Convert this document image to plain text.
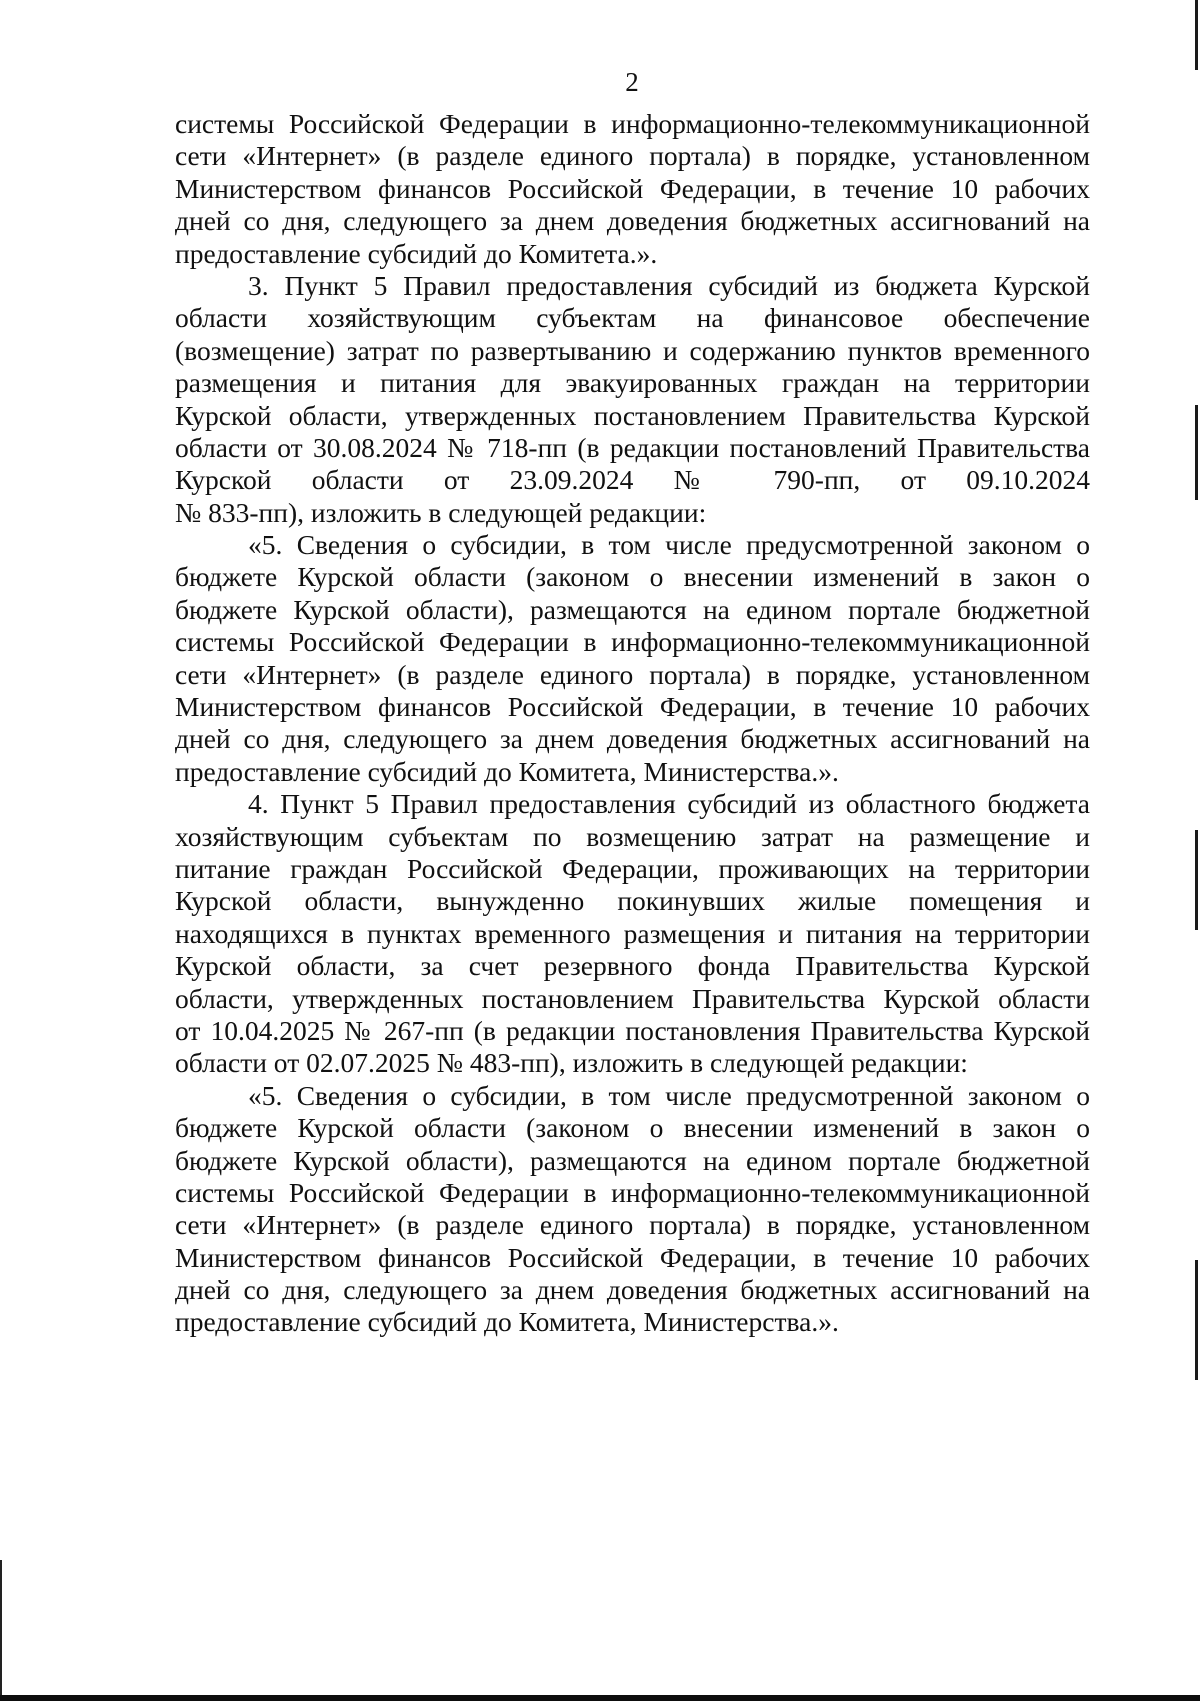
2
системы Российской Федерации в информационно-телекоммуникационной
сети «Интернет» (в разделе единого портала) в порядке, установленном
Министерством финансов Российской Федерации, в течение 10 рабочих
дней со дня, следующего за днем доведения бюджетных ассигнований на
предоставление субсидий до Комитета.».
3. Пункт 5 Правил предоставления субсидий из бюджета Курской
области хозяйствующим субъектам на финансовое обеспечение
(возмещение) затрат по развертыванию и содержанию пунктов временного
размещения и питания для эвакуированных граждан на территории
Курской области, утвержденных постановлением Правительства Курской
области от 30.08.2024 № 718-пп (в редакции постановлений Правительства
Курской области от 23.09.2024 № 790-пп, от 09.10.2024
№ 833-пп), изложить в следующей редакции:
«5. Сведения о субсидии, в том числе предусмотренной законом о
бюджете Курской области (законом о внесении изменений в закон о
бюджете Курской области), размещаются на едином портале бюджетной
системы Российской Федерации в информационно-телекоммуникационной
сети «Интернет» (в разделе единого портала) в порядке, установленном
Министерством финансов Российской Федерации, в течение 10 рабочих
дней со дня, следующего за днем доведения бюджетных ассигнований на
предоставление субсидий до Комитета, Министерства.».
4. Пункт 5 Правил предоставления субсидий из областного бюджета
хозяйствующим субъектам по возмещению затрат на размещение и
питание граждан Российской Федерации, проживающих на территории
Курской области, вынужденно покинувших жилые помещения и
находящихся в пунктах временного размещения и питания на территории
Курской области, за счет резервного фонда Правительства Курской
области, утвержденных постановлением Правительства Курской области
от 10.04.2025 № 267-пп (в редакции постановления Правительства Курской
области от 02.07.2025 № 483-пп), изложить в следующей редакции:
«5. Сведения о субсидии, в том числе предусмотренной законом о
бюджете Курской области (законом о внесении изменений в закон о
бюджете Курской области), размещаются на едином портале бюджетной
системы Российской Федерации в информационно-телекоммуникационной
сети «Интернет» (в разделе единого портала) в порядке, установленном
Министерством финансов Российской Федерации, в течение 10 рабочих
дней со дня, следующего за днем доведения бюджетных ассигнований на
предоставление субсидий до Комитета, Министерства.».
